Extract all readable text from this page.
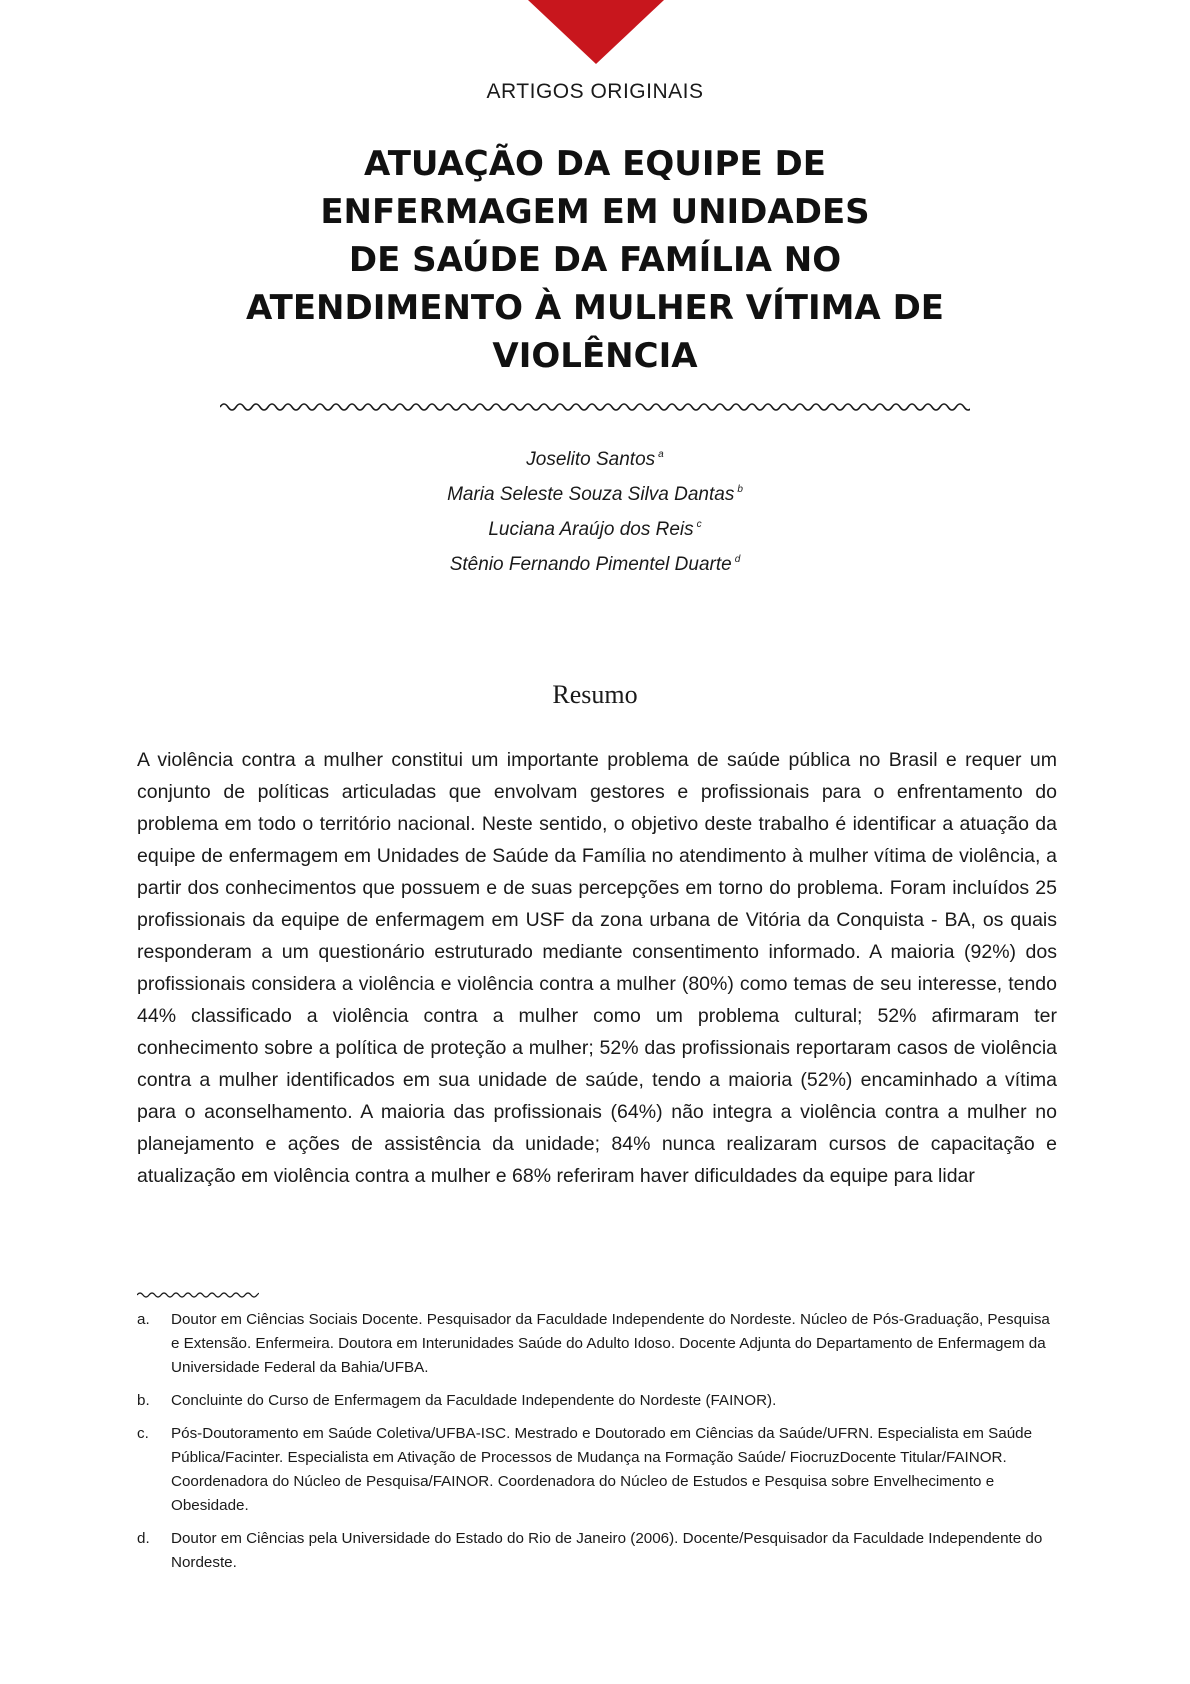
ARTIGOS ORIGINAIS
ATUAÇÃO DA EQUIPE DE
ENFERMAGEM EM UNIDADES
DE SAÚDE DA FAMÍLIA NO
ATENDIMENTO À MULHER VÍTIMA DE
VIOLÊNCIA
Joselito Santos $^a$
Maria Seleste Souza Silva Dantas $^b$
Luciana Araújo dos Reis $^c$
Stênio Fernando Pimentel Duarte $^d$
Resumo

A violência contra a mulher constitui um importante problema de saúde pública no Brasil e requer um conjunto de políticas articuladas que envolvam gestores e profissionais para o enfrentamento do problema em todo o território nacional. Neste sentido, o objetivo deste trabalho é identificar a atuação da equipe de enfermagem em Unidades de Saúde da Família no atendimento à mulher vítima de violência, a partir dos conhecimentos que possuem e de suas percepções em torno do problema. Foram incluídos 25 profissionais da equipe de enfermagem em USF da zona urbana de Vitória da Conquista - BA, os quais responderam a um questionário estruturado mediante consentimento informado. A maioria (92%) dos profissionais considera a violência e violência contra a mulher (80%) como temas de seu interesse, tendo 44% classificado a violência contra a mulher como um problema cultural; 52% afirmaram ter conhecimento sobre a política de proteção a mulher; 52% das profissionais reportaram casos de violência contra a mulher identificados em sua unidade de saúde, tendo a maioria (52%) encaminhado a vítima para o aconselhamento. A maioria das profissionais (64%) não integra a violência contra a mulher no planejamento e ações de assistência da unidade; 84% nunca realizaram cursos de capacitação e atualização em violência contra a mulher e 68% referiram haver dificuldades da equipe para lidar

a.	Doutor em Ciências Sociais Docente. Pesquisador da Faculdade Independente do Nordeste. Núcleo de Pós-Graduação, Pesquisa e Extensão. Enfermeira. Doutora em Interunidades Saúde do Adulto Idoso. Docente Adjunta do Departamento de Enfermagem da Universidade Federal da Bahia/UFBA.
b.	Concluinte do Curso de Enfermagem da Faculdade Independente do Nordeste (FAINOR).
c.	Pós-Doutoramento em Saúde Coletiva/UFBA-ISC. Mestrado e Doutorado em Ciências da Saúde/UFRN. Especialista em Saúde Pública/Facinter. Especialista em Ativação de Processos de Mudança na Formação Saúde/ FiocruzDocente Titular/FAINOR. Coordenadora do Núcleo de Pesquisa/FAINOR. Coordenadora do Núcleo de Estudos e Pesquisa sobre Envelhecimento e Obesidade.
d.	Doutor em Ciências pela Universidade do Estado do Rio de Janeiro (2006). Docente/Pesquisador da Faculdade Independente do Nordeste.
